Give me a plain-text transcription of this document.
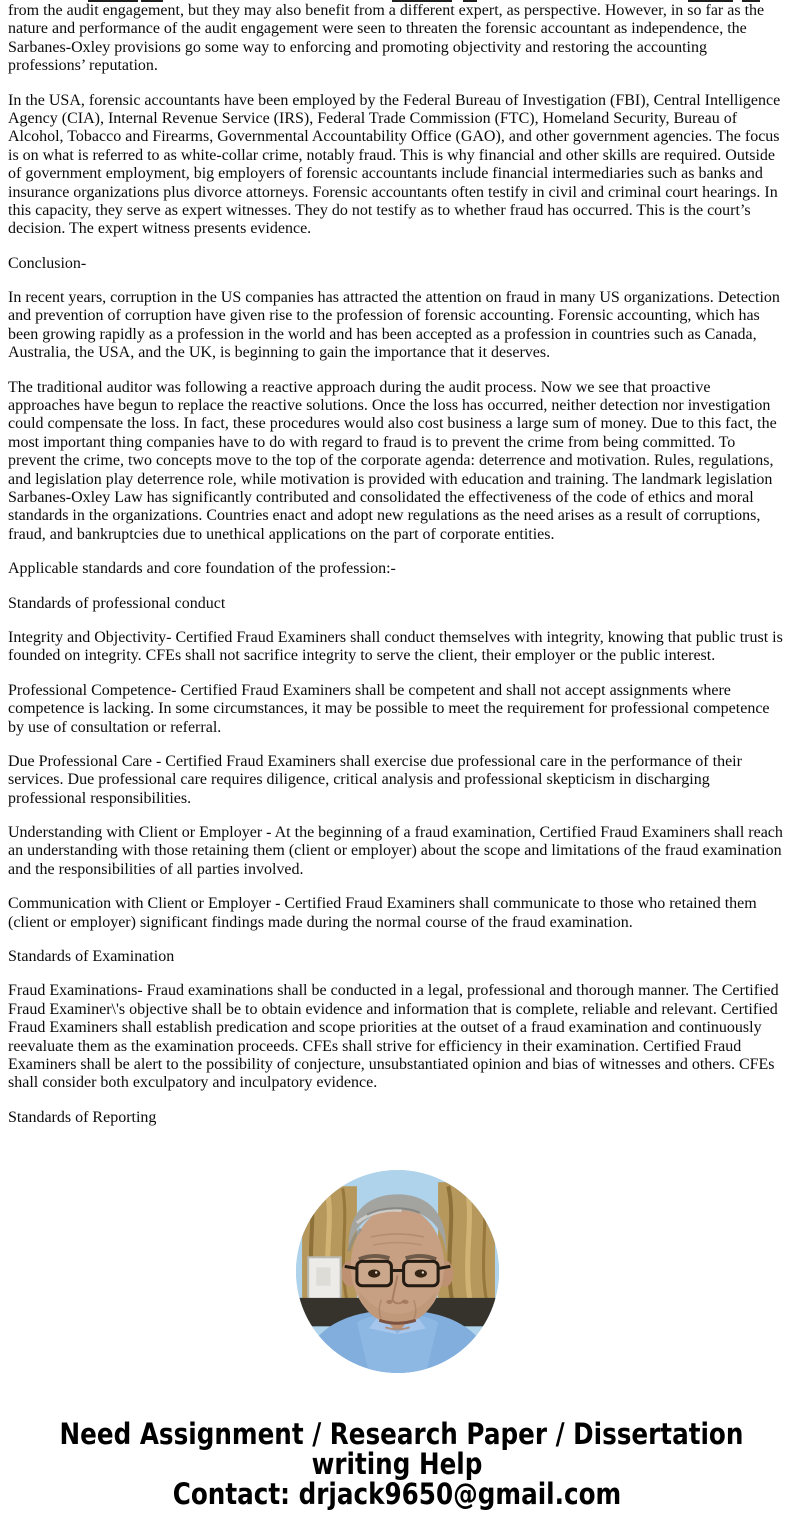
from the audit engagement, but they may also benefit from a different expert, as perspective. However, in so far as the nature and performance of the audit engagement were seen to threaten the forensic accountant as independence, the Sarbanes-Oxley provisions go some way to enforcing and promoting objectivity and restoring the accounting professions’ reputation.

In the USA, forensic accountants have been employed by the Federal Bureau of Investigation (FBI), Central Intelligence Agency (CIA), Internal Revenue Service (IRS), Federal Trade Commission (FTC), Homeland Security, Bureau of Alcohol, Tobacco and Firearms, Governmental Accountability Office (GAO), and other government agencies. The focus is on what is referred to as white-collar crime, notably fraud. This is why financial and other skills are required. Outside of government employment, big employers of forensic accountants include financial intermediaries such as banks and insurance organizations plus divorce attorneys. Forensic accountants often testify in civil and criminal court hearings. In this capacity, they serve as expert witnesses. They do not testify as to whether fraud has occurred. This is the court’s decision. The expert witness presents evidence.

Conclusion-

In recent years, corruption in the US companies has attracted the attention on fraud in many US organizations. Detection and prevention of corruption have given rise to the profession of forensic accounting. Forensic accounting, which has been growing rapidly as a profession in the world and has been accepted as a profession in countries such as Canada, Australia, the USA, and the UK, is beginning to gain the importance that it deserves.

The traditional auditor was following a reactive approach during the audit process. Now we see that proactive approaches have begun to replace the reactive solutions. Once the loss has occurred, neither detection nor investigation could compensate the loss. In fact, these procedures would also cost business a large sum of money. Due to this fact, the most important thing companies have to do with regard to fraud is to prevent the crime from being committed. To prevent the crime, two concepts move to the top of the corporate agenda: deterrence and motivation. Rules, regulations, and legislation play deterrence role, while motivation is provided with education and training. The landmark legislation Sarbanes-Oxley Law has significantly contributed and consolidated the effectiveness of the code of ethics and moral standards in the organizations. Countries enact and adopt new regulations as the need arises as a result of corruptions, fraud, and bankruptcies due to unethical applications on the part of corporate entities.

Applicable standards and core foundation of the profession:-

Standards of professional conduct

Integrity and Objectivity- Certified Fraud Examiners shall conduct themselves with integrity, knowing that public trust is founded on integrity. CFEs shall not sacrifice integrity to serve the client, their employer or the public interest.

Professional Competence- Certified Fraud Examiners shall be competent and shall not accept assignments where competence is lacking. In some circumstances, it may be possible to meet the requirement for professional competence by use of consultation or referral.

Due Professional Care - Certified Fraud Examiners shall exercise due professional care in the performance of their services. Due professional care requires diligence, critical analysis and professional skepticism in discharging professional responsibilities.

Understanding with Client or Employer - At the beginning of a fraud examination, Certified Fraud Examiners shall reach an understanding with those retaining them (client or employer) about the scope and limitations of the fraud examination and the responsibilities of all parties involved.

Communication with Client or Employer - Certified Fraud Examiners shall communicate to those who retained them (client or employer) significant findings made during the normal course of the fraud examination.

Standards of Examination

Fraud Examinations- Fraud examinations shall be conducted in a legal, professional and thorough manner. The Certified Fraud Examiner\'s objective shall be to obtain evidence and information that is complete, reliable and relevant. Certified Fraud Examiners shall establish predication and scope priorities at the outset of a fraud examination and continuously reevaluate them as the examination proceeds. CFEs shall strive for efficiency in their examination. Certified Fraud Examiners shall be alert to the possibility of conjecture, unsubstantiated opinion and bias of witnesses and others. CFEs shall consider both exculpatory and inculpatory evidence.

Standards of Reporting

Need Assignment / Research Paper / Dissertation
writing Help
Contact: drjack9650@gmail.com
